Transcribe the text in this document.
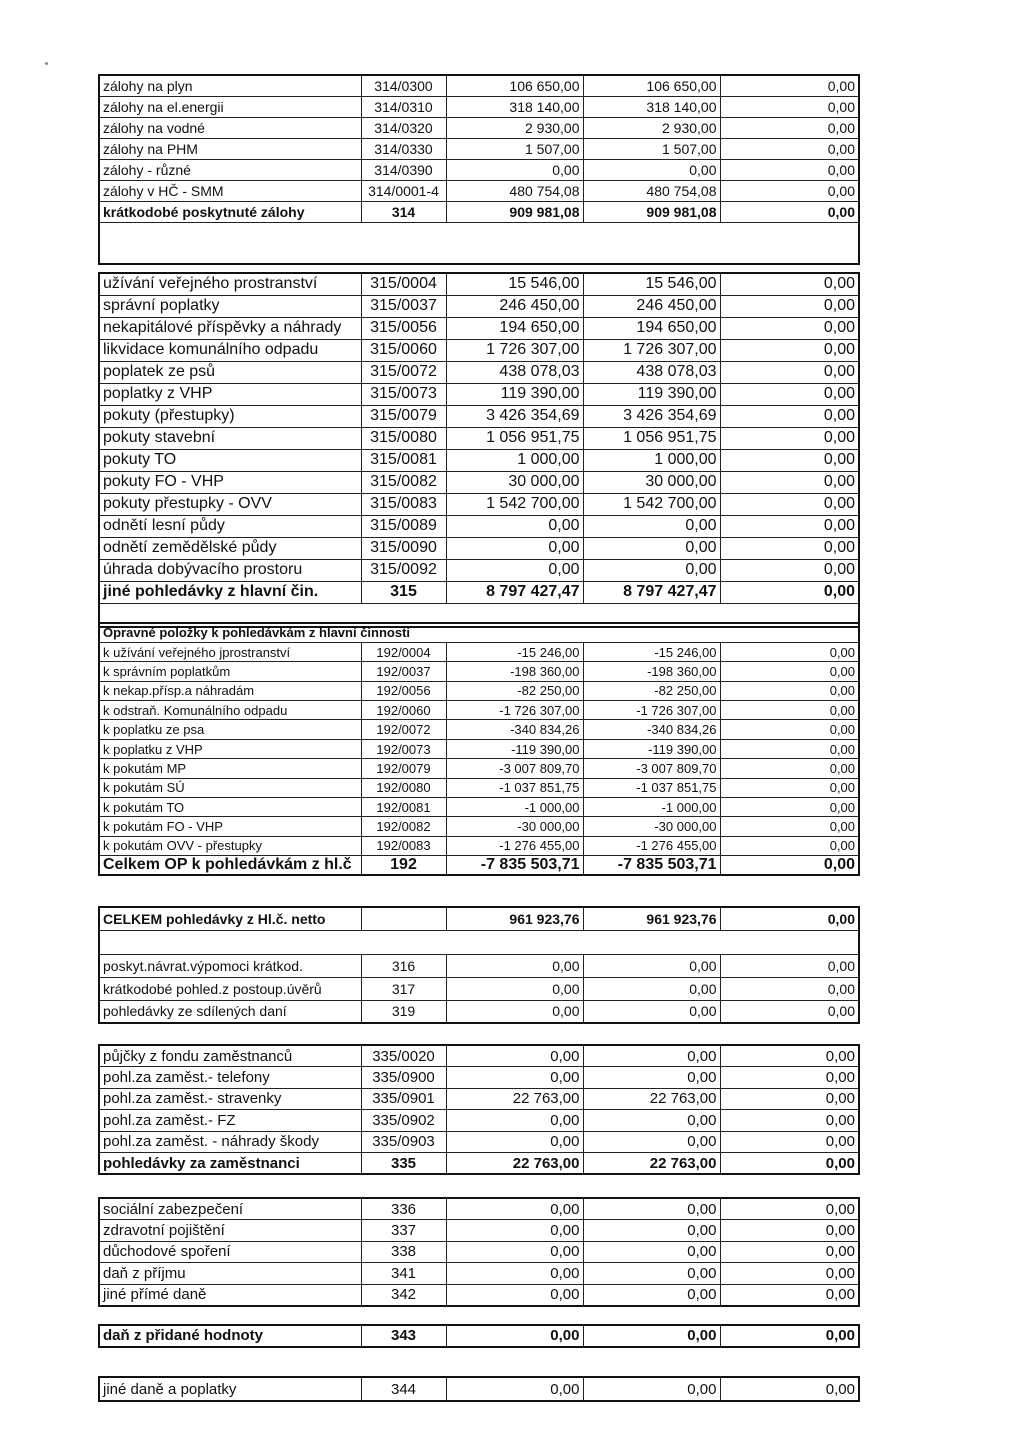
zálohy na plyn	314/0300	106 650,00	106 650,00	0,00
zálohy na el.energii	314/0310	318 140,00	318 140,00	0,00
zálohy na vodné	314/0320	2 930,00	2 930,00	0,00
zálohy na PHM	314/0330	1 507,00	1 507,00	0,00
zálohy - různé	314/0390	0,00	0,00	0,00
zálohy v HČ - SMM	314/0001-4	480 754,08	480 754,08	0,00
krátkodobé poskytnuté zálohy	314	909 981,08	909 981,08	0,00

užívání veřejného prostranství	315/0004	15 546,00	15 546,00	0,00
správní poplatky	315/0037	246 450,00	246 450,00	0,00
nekapitálové příspěvky a náhrady	315/0056	194 650,00	194 650,00	0,00
likvidace komunálního odpadu	315/0060	1 726 307,00	1 726 307,00	0,00
poplatek ze psů	315/0072	438 078,03	438 078,03	0,00
poplatky z VHP	315/0073	119 390,00	119 390,00	0,00
pokuty (přestupky)	315/0079	3 426 354,69	3 426 354,69	0,00
pokuty stavební	315/0080	1 056 951,75	1 056 951,75	0,00
pokuty TO	315/0081	1 000,00	1 000,00	0,00
pokuty FO - VHP	315/0082	30 000,00	30 000,00	0,00
pokuty přestupky - OVV	315/0083	1 542 700,00	1 542 700,00	0,00
odnětí lesní půdy	315/0089	0,00	0,00	0,00
odnětí zemědělské půdy	315/0090	0,00	0,00	0,00
úhrada dobývacího prostoru	315/0092	0,00	0,00	0,00
jiné pohledávky z hlavní čin.	315	8 797 427,47	8 797 427,47	0,00

Opravné položky k pohledávkám z hlavní činnosti				
k užívání veřejného jprostranství	192/0004	-15 246,00	-15 246,00	0,00
k správním poplatkům	192/0037	-198 360,00	-198 360,00	0,00
k nekap.přísp.a náhradám	192/0056	-82 250,00	-82 250,00	0,00
k odstraň. Komunálního odpadu	192/0060	-1 726 307,00	-1 726 307,00	0,00
k poplatku ze psa	192/0072	-340 834,26	-340 834,26	0,00
k poplatku z VHP	192/0073	-119 390,00	-119 390,00	0,00
k pokutám MP	192/0079	-3 007 809,70	-3 007 809,70	0,00
k pokutám SÚ	192/0080	-1 037 851,75	-1 037 851,75	0,00
k pokutám TO	192/0081	-1 000,00	-1 000,00	0,00
k pokutám FO - VHP	192/0082	-30 000,00	-30 000,00	0,00
k pokutám OVV - přestupky	192/0083	-1 276 455,00	-1 276 455,00	0,00
Celkem OP k pohledávkám z hl.č	192	-7 835 503,71	-7 835 503,71	0,00
CELKEM pohledávky z Hl.č. netto		961 923,76	961 923,76	0,00

poskyt.návrat.výpomoci krátkod.	316	0,00	0,00	0,00
krátkodobé pohled.z postoup.úvěrů	317	0,00	0,00	0,00
pohledávky ze sdílených daní	319	0,00	0,00	0,00
půjčky z fondu zaměstnanců	335/0020	0,00	0,00	0,00
pohl.za zaměst.- telefony	335/0900	0,00	0,00	0,00
pohl.za zaměst.- stravenky	335/0901	22 763,00	22 763,00	0,00
pohl.za zaměst.- FZ	335/0902	0,00	0,00	0,00
pohl.za zaměst. - náhrady škody	335/0903	0,00	0,00	0,00
pohledávky za zaměstnanci	335	22 763,00	22 763,00	0,00
sociální zabezpečení	336	0,00	0,00	0,00
zdravotní pojištění	337	0,00	0,00	0,00
důchodové spoření	338	0,00	0,00	0,00
daň z příjmu	341	0,00	0,00	0,00
jiné přímé daně	342	0,00	0,00	0,00
daň z přidané hodnoty	343	0,00	0,00	0,00
jiné daně a poplatky	344	0,00	0,00	0,00
